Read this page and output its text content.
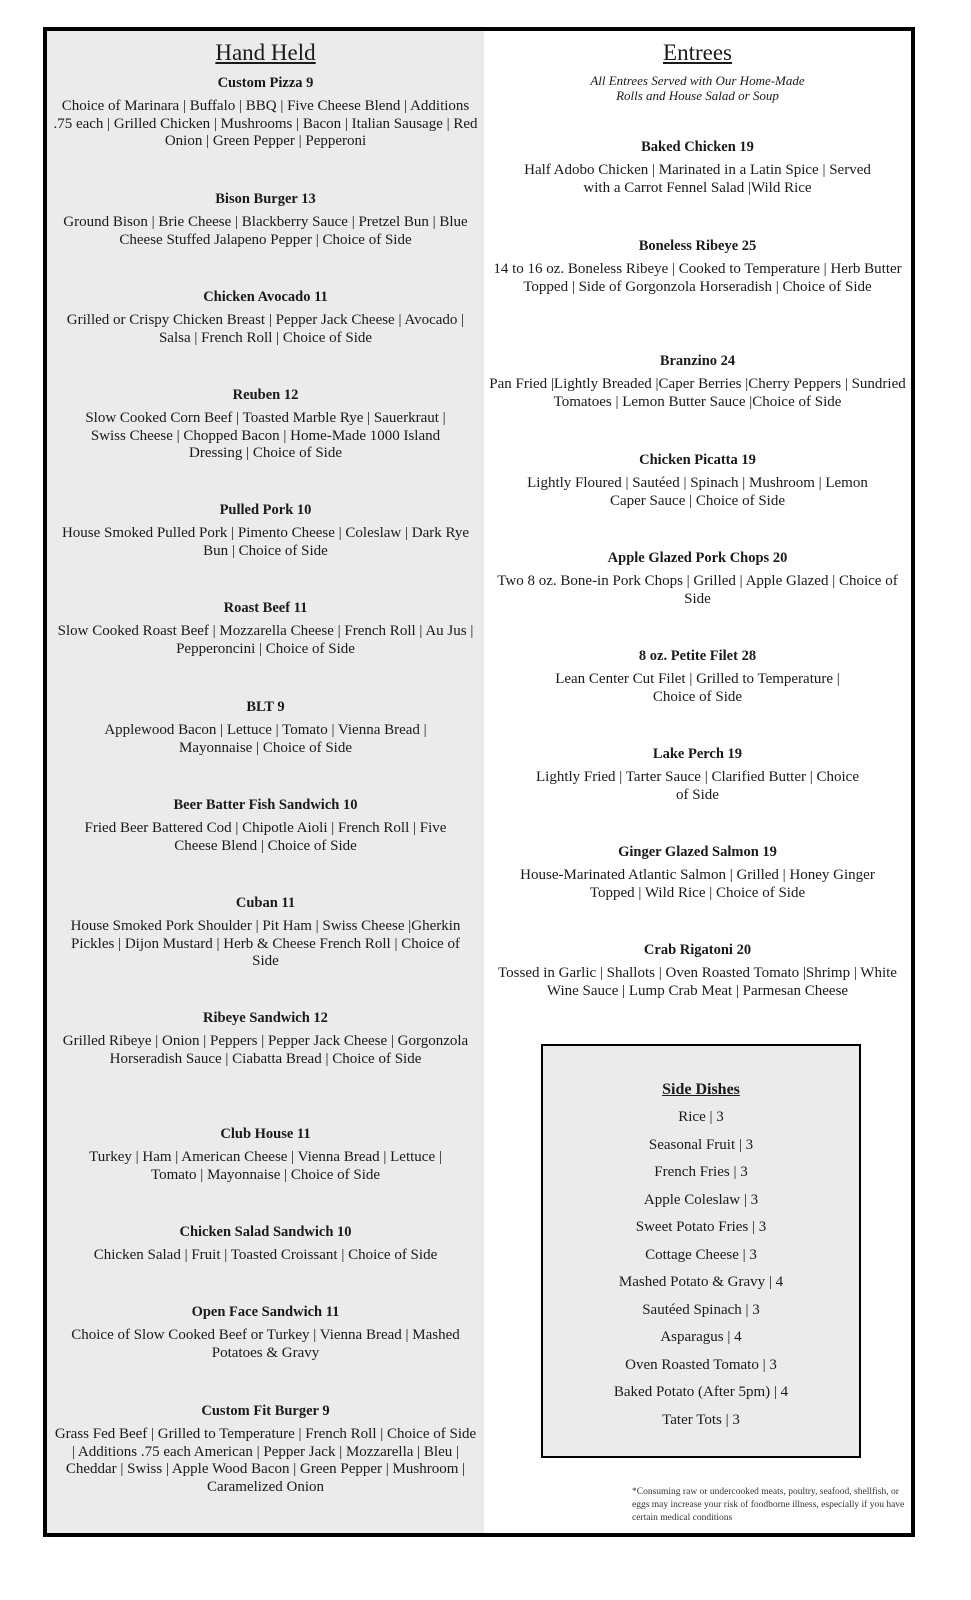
Hand Held

Custom Pizza 9

Choice of Marinara | Buffalo | BBQ | Five Cheese Blend | Additions .75 each | Grilled Chicken | Mushrooms | Bacon | Italian Sausage | Red Onion | Green Pepper | Pepperoni

Bison Burger 13

Ground Bison | Brie Cheese | Blackberry Sauce | Pretzel Bun | Blue Cheese Stuffed Jalapeno Pepper | Choice of Side

Chicken Avocado 11

Grilled or Crispy Chicken Breast | Pepper Jack Cheese | Avocado | Salsa | French Roll | Choice of Side

Reuben 12

Slow Cooked Corn Beef | Toasted Marble Rye | Sauerkraut | Swiss Cheese | Chopped Bacon | Home-Made 1000 Island Dressing | Choice of Side

Pulled Pork 10

House Smoked Pulled Pork | Pimento Cheese | Coleslaw | Dark Rye Bun | Choice of Side

Roast Beef 11

Slow Cooked Roast Beef | Mozzarella Cheese | French Roll | Au Jus | Pepperoncini | Choice of Side

BLT 9

Applewood Bacon | Lettuce | Tomato | Vienna Bread | Mayonnaise | Choice of Side

Beer Batter Fish Sandwich 10

Fried Beer Battered Cod | Chipotle Aioli | French Roll | Five Cheese Blend | Choice of Side

Cuban 11

House Smoked Pork Shoulder | Pit Ham | Swiss Cheese |Gherkin Pickles | Dijon Mustard | Herb & Cheese French Roll | Choice of Side

Ribeye Sandwich 12

Grilled Ribeye | Onion | Peppers | Pepper Jack Cheese | Gorgonzola Horseradish Sauce | Ciabatta Bread | Choice of Side

Club House 11

Turkey | Ham | American Cheese | Vienna Bread | Lettuce | Tomato | Mayonnaise | Choice of Side

Chicken Salad Sandwich 10

Chicken Salad | Fruit | Toasted Croissant | Choice of Side

Open Face Sandwich 11

Choice of Slow Cooked Beef or Turkey | Vienna Bread | Mashed Potatoes & Gravy

Custom Fit Burger 9

Grass Fed Beef | Grilled to Temperature | French Roll | Choice of Side | Additions .75 each American | Pepper Jack | Mozzarella | Bleu | Cheddar | Swiss | Apple Wood Bacon | Green Pepper | Mushroom | Caramelized Onion

Entrees

All Entrees Served with Our Home-Made
Rolls and House Salad or Soup

Baked Chicken 19

Half Adobo Chicken | Marinated in a Latin Spice | Served with a Carrot Fennel Salad |Wild Rice

Boneless Ribeye 25

14 to 16 oz. Boneless Ribeye | Cooked to Temperature | Herb Butter Topped | Side of Gorgonzola Horseradish | Choice of Side

Branzino 24

Pan Fried |Lightly Breaded |Caper Berries |Cherry Peppers | Sundried Tomatoes | Lemon Butter Sauce |Choice of Side

Chicken Picatta 19

Lightly Floured | Sautéed | Spinach | Mushroom | Lemon Caper Sauce | Choice of Side

Apple Glazed Pork Chops 20

Two 8 oz. Bone-in Pork Chops | Grilled | Apple Glazed | Choice of Side

8 oz. Petite Filet 28

Lean Center Cut Filet | Grilled to Temperature | Choice of Side

Lake Perch 19

Lightly Fried | Tarter Sauce | Clarified Butter | Choice of Side

Ginger Glazed Salmon 19

House-Marinated Atlantic Salmon | Grilled | Honey Ginger Topped | Wild Rice | Choice of Side

Crab Rigatoni 20

Tossed in Garlic | Shallots | Oven Roasted Tomato |Shrimp | White Wine Sauce | Lump Crab Meat | Parmesan Cheese

Side Dishes
Rice | 3
Seasonal Fruit | 3
French Fries | 3
Apple Coleslaw | 3
Sweet Potato Fries | 3
Cottage Cheese | 3
Mashed Potato & Gravy | 4
Sautéed Spinach | 3
Asparagus | 4
Oven Roasted Tomato | 3
Baked Potato (After 5pm) | 4
Tater Tots | 3
*Consuming raw or undercooked meats, poultry, seafood, shellfish, or eggs may increase your risk of foodborne illness, especially if you have certain medical conditions
